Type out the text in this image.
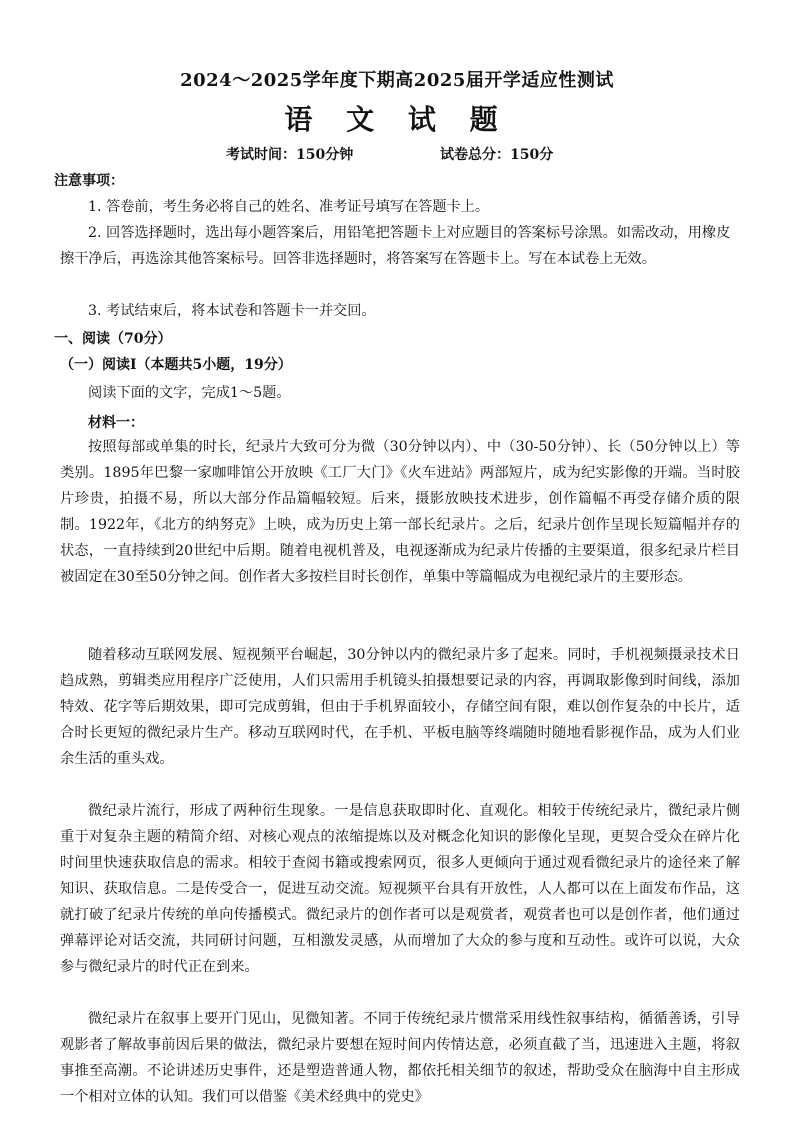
2024～2025学年度下期高2025届开学适应性测试
语 文 试 题
考试时间：150分钟	试卷总分：150分
注意事项：
1. 答卷前，考生务必将自己的姓名、准考证号填写在答题卡上。
2. 回答选择题时，选出每小题答案后，用铅笔把答题卡上对应题目的答案标号涂黑。如需改动，用橡皮擦干净后，再选涂其他答案标号。回答非选择题时，将答案写在答题卡上。写在本试卷上无效。
3. 考试结束后，将本试卷和答题卡一并交回。
一、阅读（70分）
（一）阅读Ⅰ（本题共5小题，19分）
阅读下面的文字，完成1～5题。
材料一：
按照每部或单集的时长，纪录片大致可分为微（30分钟以内）、中（30-50分钟）、长（50分钟以上）等类别。1895年巴黎一家咖啡馆公开放映《工厂大门》《火车进站》两部短片，成为纪实影像的开端。当时胶片珍贵，拍摄不易，所以大部分作品篇幅较短。后来，摄影放映技术进步，创作篇幅不再受存储介质的限制。1922年，《北方的纳努克》上映，成为历史上第一部长纪录片。之后，纪录片创作呈现长短篇幅并存的状态，一直持续到20世纪中后期。随着电视机普及，电视逐渐成为纪录片传播的主要渠道，很多纪录片栏目被固定在30至50分钟之间。创作者大多按栏目时长创作，单集中等篇幅成为电视纪录片的主要形态。
随着移动互联网发展、短视频平台崛起，30分钟以内的微纪录片多了起来。同时，手机视频摄录技术日趋成熟，剪辑类应用程序广泛使用，人们只需用手机镜头拍摄想要记录的内容，再调取影像到时间线，添加特效、花字等后期效果，即可完成剪辑，但由于手机界面较小，存储空间有限，难以创作复杂的中长片，适合时长更短的微纪录片生产。移动互联网时代，在手机、平板电脑等终端随时随地看影视作品，成为人们业余生活的重头戏。
微纪录片流行，形成了两种衍生现象。一是信息获取即时化、直观化。相较于传统纪录片，微纪录片侧重于对复杂主题的精简介绍、对核心观点的浓缩提炼以及对概念化知识的影像化呈现，更契合受众在碎片化时间里快速获取信息的需求。相较于查阅书籍或搜索网页，很多人更倾向于通过观看微纪录片的途径来了解知识、获取信息。二是传受合一，促进互动交流。短视频平台具有开放性，人人都可以在上面发布作品，这就打破了纪录片传统的单向传播模式。微纪录片的创作者可以是观赏者，观赏者也可以是创作者，他们通过弹幕评论对话交流，共同研讨问题，互相激发灵感，从而增加了大众的参与度和互动性。或许可以说，大众参与微纪录片的时代正在到来。
微纪录片在叙事上要开门见山，见微知著。不同于传统纪录片惯常采用线性叙事结构，循循善诱，引导观影者了解故事前因后果的做法，微纪录片要想在短时间内传情达意，必须直截了当，迅速进入主题，将叙事推至高潮。不论讲述历史事件，还是塑造普通人物，都依托相关细节的叙述，帮助受众在脑海中自主形成一个相对立体的认知。我们可以借鉴《美术经典中的党史》
